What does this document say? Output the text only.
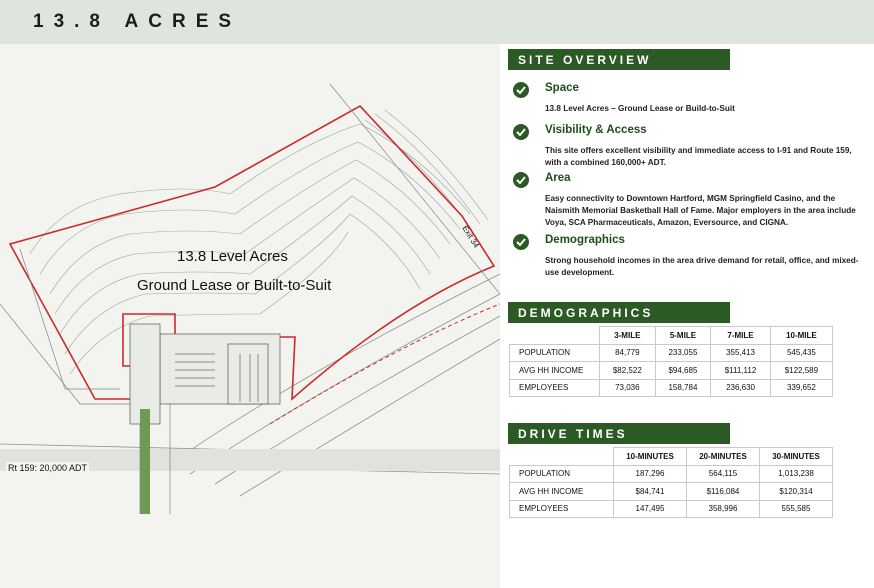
13.8 ACRES
13.8 Level Acres
Ground Lease or Built-to-Suit
Exit 34
Rt 159: 20,000 ADT
SITE OVERVIEW
Space
13.8 Level Acres – Ground Lease or Build-to-Suit
Visibility & Access
This site offers excellent visibility and immediate access to I-91 and Route 159, with a combined 160,000+ ADT.
Area
Easy connectivity to Downtown Hartford, MGM Springfield Casino, and the Naismith Memorial Basketball Hall of Fame. Major employers in the area include Voya, SCA Pharmaceuticals, Amazon, Eversource, and CIGNA.
Demographics
Strong household incomes in the area drive demand for retail, office, and mixed-use development.
DEMOGRAPHICS
	3-MILE	5-MILE	7-MILE	10-MILE
POPULATION	84,779	233,055	355,413	545,435
AVG HH INCOME	$82,522	$94,685	$111,112	$122,589
EMPLOYEES	73,036	158,784	236,630	339,652
DRIVE TIMES
	10-MINUTES	20-MINUTES	30-MINUTES
POPULATION	187,296	564,115	1,013,238
AVG HH INCOME	$84,741	$116,084	$120,314
EMPLOYEES	147,495	358,996	555,585
